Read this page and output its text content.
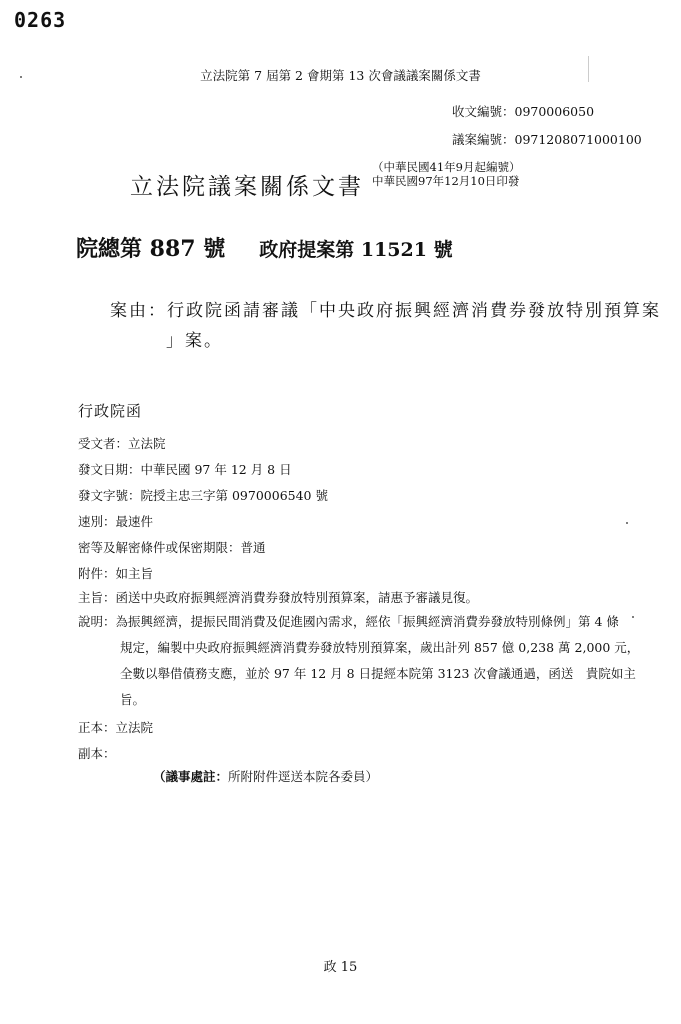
0263
立法院第 7 屆第 2 會期第 13 次會議議案關係文書
收文編號：0970006050
議案編號：0971208071000100
立法院議案關係文書
（中華民國41年9月起編號）
中華民國97年12月10日印發
院總第 887 號 政府提案第 11521 號
案由：行政院函請審議「中央政府振興經濟消費券發放特別預算案
」案。
行政院函
受文者：立法院
發文日期：中華民國 97 年 12 月 8 日
發文字號：院授主忠三字第 0970006540 號
速別：最速件
密等及解密條件或保密期限：普通
附件：如主旨
主旨：函送中央政府振興經濟消費券發放特別預算案，請惠予審議見復。
說明：為振興經濟，提振民間消費及促進國內需求，經依「振興經濟消費券發放特別條例」第 4 條
規定，編製中央政府振興經濟消費券發放特別預算案，歲出計列 857 億 0,238 萬 2,000 元，
全數以舉借債務支應，並於 97 年 12 月 8 日提經本院第 3123 次會議通過，函送　貴院如主
旨。
正本：立法院
副本：
（議事處註：所附附件逕送本院各委員）
政 15
